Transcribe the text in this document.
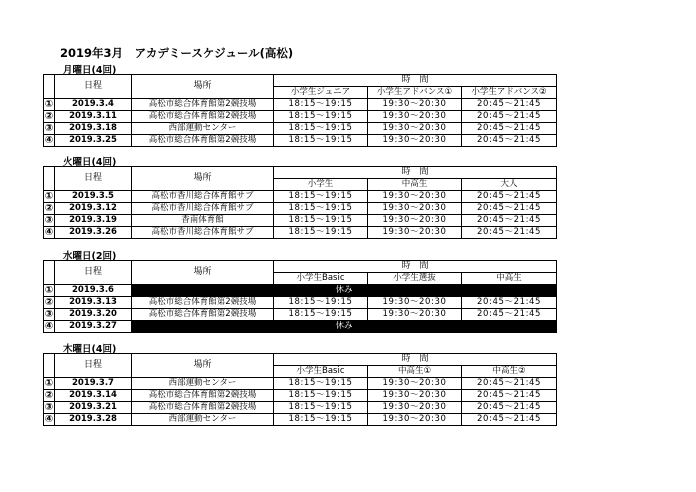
2019年3月　アカデミースケジュール(高松)
月曜日(4回)
	日程	場所	時　間		
			小学生ジュニア	小学生アドバンス①	小学生アドバンス②
①	2019.3.4	高松市総合体育館第2競技場	18:15～19:15	19:30～20:30	20:45～21:45
②	2019.3.11	高松市総合体育館第2競技場	18:15～19:15	19:30～20:30	20:45～21:45
③	2019.3.18	西部運動センター	18:15～19:15	19:30～20:30	20:45～21:45
④	2019.3.25	高松市総合体育館第2競技場	18:15～19:15	19:30～20:30	20:45～21:45
火曜日(4回)
	日程	場所	時　間		
			小学生	中高生	大人
①	2019.3.5	高松市香川総合体育館サブ	18:15～19:15	19:30～20:30	20:45～21:45
②	2019.3.12	高松市香川総合体育館サブ	18:15～19:15	19:30～20:30	20:45～21:45
③	2019.3.19	香南体育館	18:15～19:15	19:30～20:30	20:45～21:45
④	2019.3.26	高松市香川総合体育館サブ	18:15～19:15	19:30～20:30	20:45～21:45
水曜日(2回)
	日程	場所	時　間		
			小学生Basic	小学生選抜	中高生
①	2019.3.6	休み			
②	2019.3.13	高松市総合体育館第2競技場	18:15～19:15	19:30～20:30	20:45～21:45
③	2019.3.20	高松市総合体育館第2競技場	18:15～19:15	19:30～20:30	20:45～21:45
④	2019.3.27	休み			
木曜日(4回)
	日程	場所	時　間		
			小学生Basic	中高生①	中高生②
①	2019.3.7	西部運動センター	18:15～19:15	19:30～20:30	20:45～21:45
②	2019.3.14	高松市総合体育館第2競技場	18:15～19:15	19:30～20:30	20:45～21:45
③	2019.3.21	高松市総合体育館第2競技場	18:15～19:15	19:30～20:30	20:45～21:45
④	2019.3.28	西部運動センター	18:15～19:15	19:30～20:30	20:45～21:45
